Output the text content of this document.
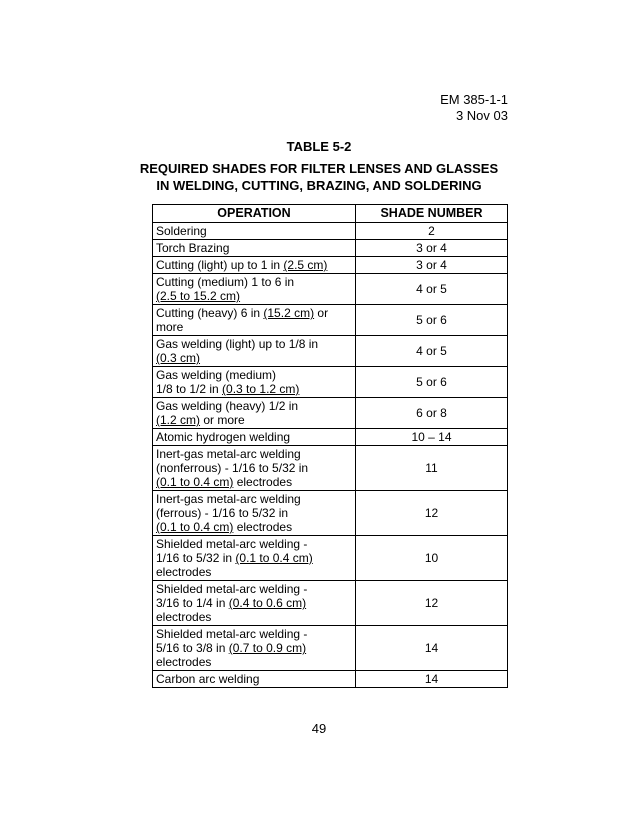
EM 385-1-1
3 Nov 03
TABLE 5-2
REQUIRED SHADES FOR FILTER LENSES AND GLASSES
IN WELDING, CUTTING, BRAZING, AND SOLDERING
OPERATION	SHADE NUMBER

Soldering	2

Torch Brazing	3 or 4

Cutting (light) up to 1 in (2.5 cm)	3 or 4

Cutting (medium) 1 to 6 in
(2.5 to 15.2 cm)	4 or 5

Cutting (heavy) 6 in (15.2 cm) or
more	5 or 6

Gas welding (light) up to 1/8 in
(0.3 cm)	4 or 5

Gas welding (medium)
1/8 to 1/2 in (0.3 to 1.2 cm)	5 or 6

Gas welding (heavy) 1/2 in
(1.2 cm) or more	6 or 8

Atomic hydrogen welding	10 – 14

Inert-gas metal-arc welding
(nonferrous) - 1/16 to 5/32 in
(0.1 to 0.4 cm) electrodes	11

Inert-gas metal-arc welding
(ferrous) - 1/16 to 5/32 in
(0.1 to 0.4 cm) electrodes	12

Shielded metal-arc welding -
1/16 to 5/32 in (0.1 to 0.4 cm)
electrodes	10

Shielded metal-arc welding -
3/16 to 1/4 in (0.4 to 0.6 cm)
electrodes	12

Shielded metal-arc welding -
5/16 to 3/8 in (0.7 to 0.9 cm)
electrodes	14

Carbon arc welding	14
49
